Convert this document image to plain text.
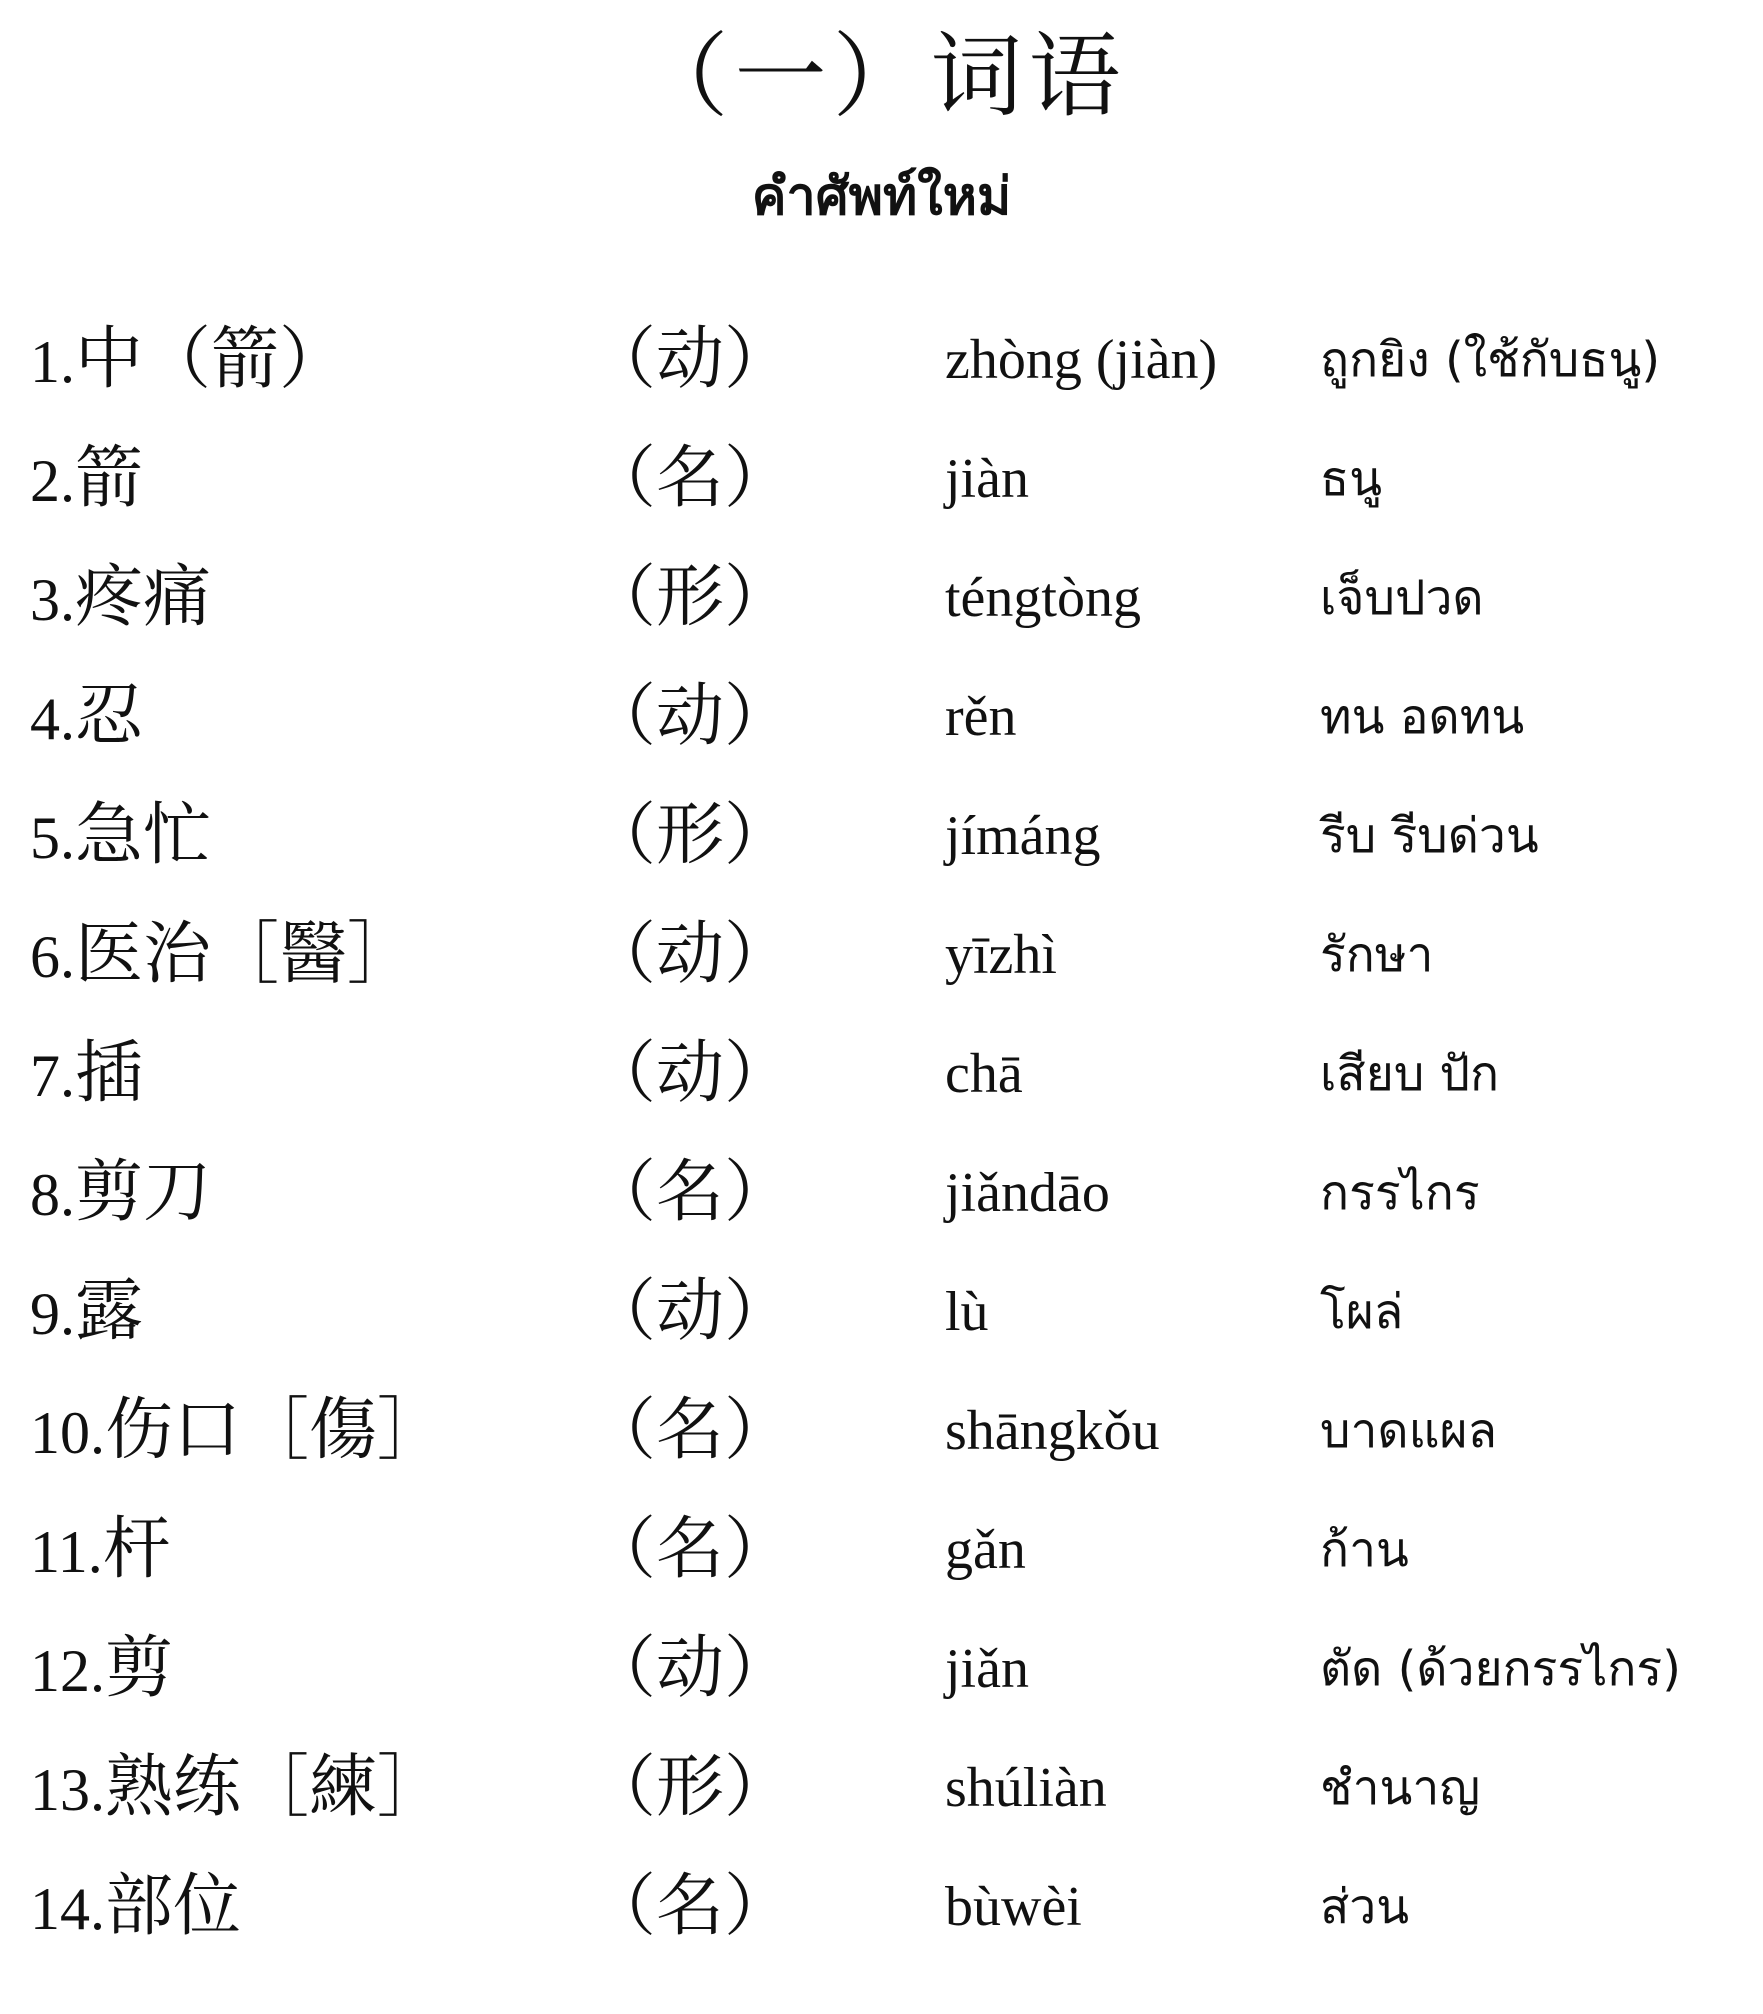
（一）词语
คำศัพท์ใหม่
1.中（箭）	（动）	zhòng (jiàn) ถูกยิง (ใช้กับธนู)
2.箭	（名）	jiàn	ธนู
3.疼痛	（形）	téngtòng	เจ็บปวด
4.忍	（动）	rěn	ทน อดทน
5.急忙	（形）	jímáng	รีบ รีบด่วน
6.医治［醫］	（动）	yīzhì	รักษา
7.插	（动）	chā	เสียบ ปัก
8.剪刀	（名）	jiǎndāo	กรรไกร
9.露	（动）	lù	โผล่
10.伤口［傷］ （名）	shāngkǒu	บาดแผล
11.杆	（名）	gǎn	ก้าน
12.剪	（动）	jiǎn	ตัด (ด้วยกรรไกร)
13.熟练［練］ （形）	shúliàn	ชำนาญ
14.部位	（名）	bùwèi	ส่วน
